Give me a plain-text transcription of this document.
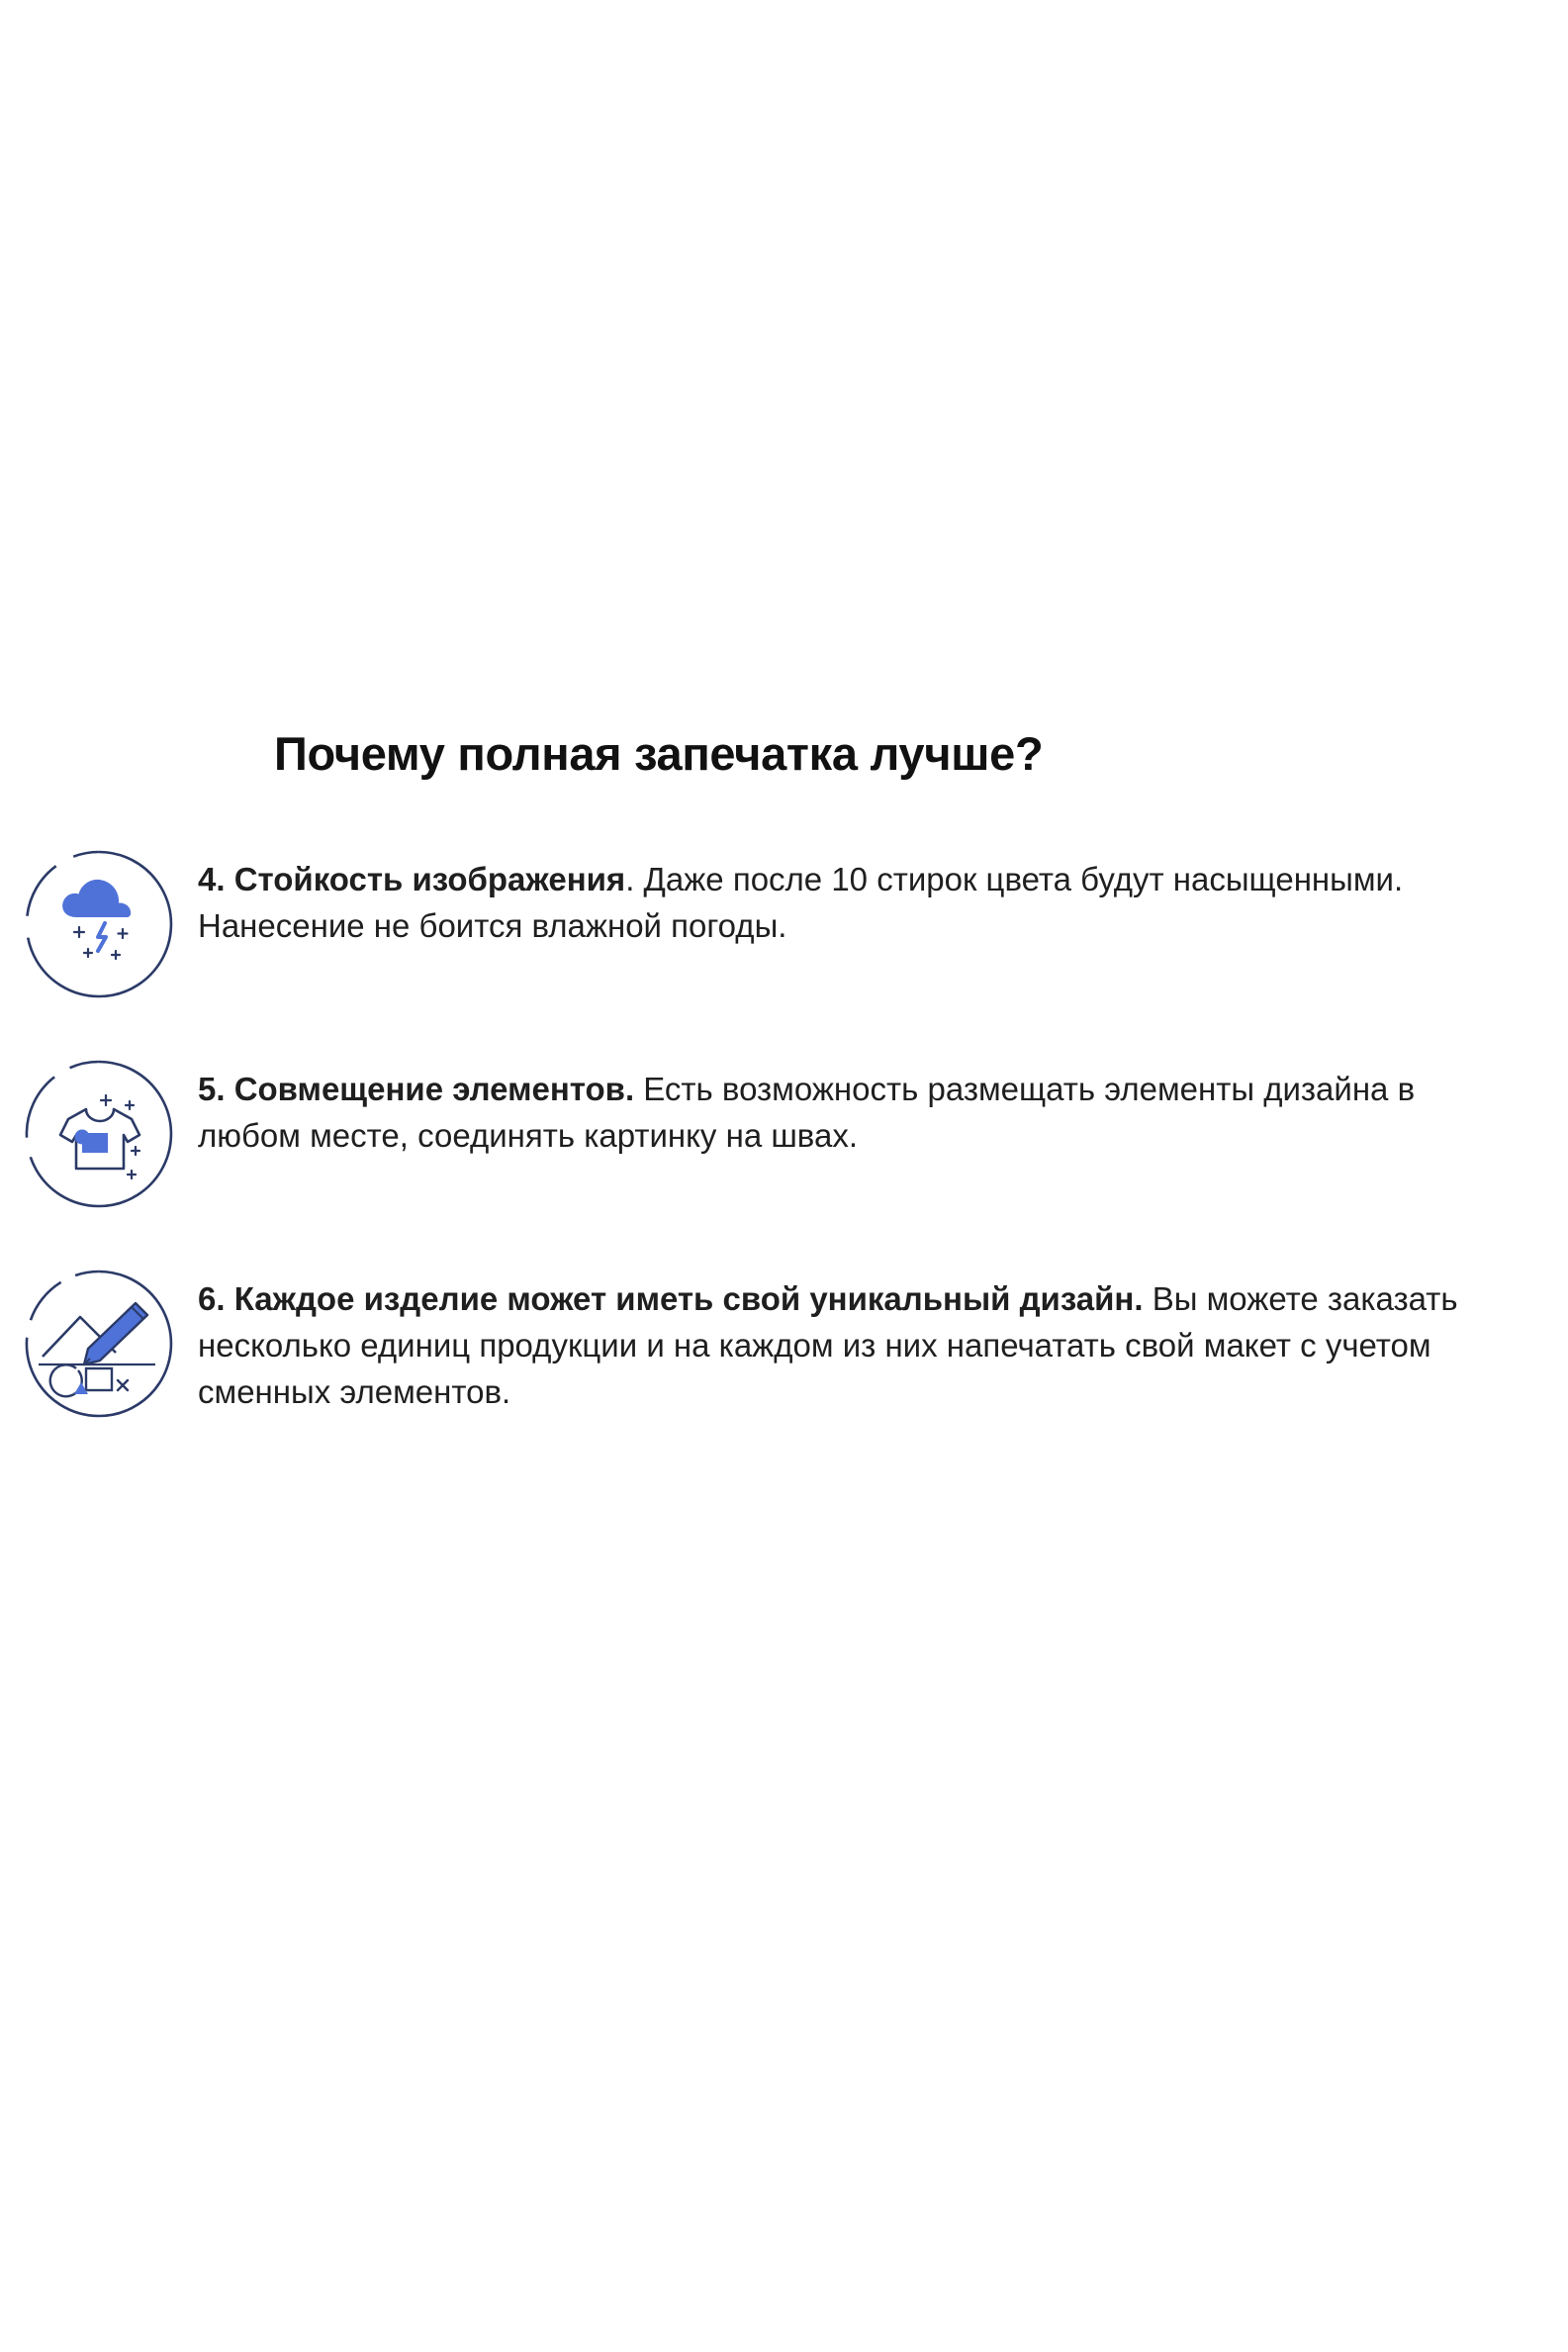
Почему полная запечатка лучше?

4. Стойкость изображения. Даже после 10 стирок цвета будут насыщенными. Нанесение не боится влажной погоды.

5. Совмещение элементов. Есть возможность размещать элементы дизайна в любом месте, соединять картинку на швах.

6. Каждое изделие может иметь свой уникальный дизайн. Вы можете заказать несколько единиц продукции и на каждом из них напечатать свой макет с учетом сменных элементов.
